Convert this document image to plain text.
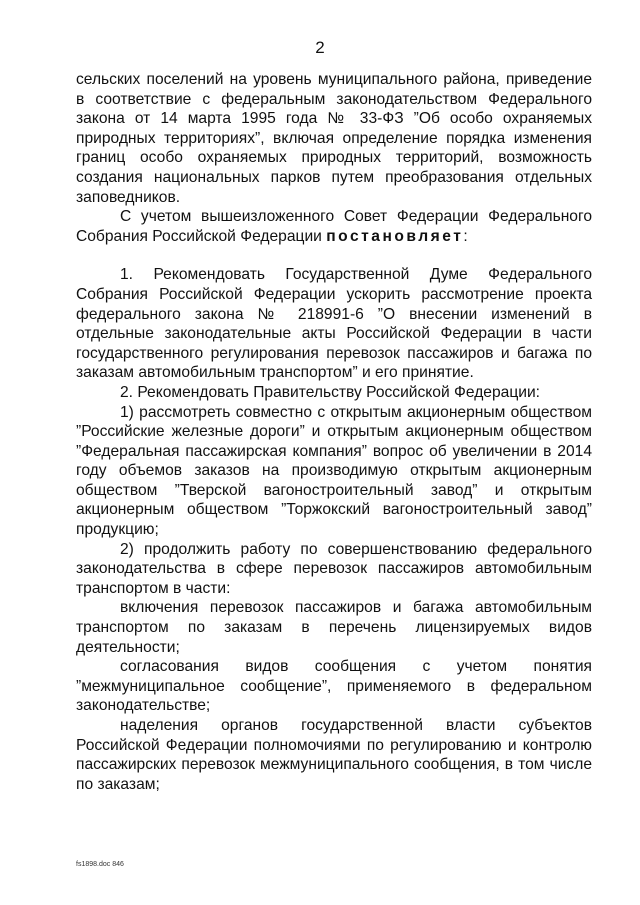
2

сельских поселений на уровень муниципального района, приведение в соответствие с федеральным законодательством Федерального закона от 14 марта 1995 года № 33-ФЗ ”Об особо охраняемых природных территориях”, включая определение порядка изменения границ особо охраняемых природных территорий, возможность создания национальных парков путем преобразования отдельных заповедников.

С учетом вышеизложенного Совет Федерации Федерального Собрания Российской Федерации постановляет:

1. Рекомендовать Государственной Думе Федерального Собрания Российской Федерации ускорить рассмотрение проекта федерального закона № 218991-6 ”О внесении изменений в отдельные законодательные акты Российской Федерации в части государственного регулирования перевозок пассажиров и багажа по заказам автомобильным транспортом” и его принятие.

2. Рекомендовать Правительству Российской Федерации:

1) рассмотреть совместно с открытым акционерным обществом ”Российские железные дороги” и открытым акционерным обществом ”Федеральная пассажирская компания” вопрос об увеличении в 2014 году объемов заказов на производимую открытым акционерным обществом ”Тверской вагоностроительный завод” и открытым акционерным обществом ”Торжокский вагоностроительный завод” продукцию;

2) продолжить работу по совершенствованию федерального законодательства в сфере перевозок пассажиров автомобильным транспортом в части:

включения перевозок пассажиров и багажа автомобильным транспортом по заказам в перечень лицензируемых видов деятельности;

согласования видов сообщения с учетом понятия ”межмуниципальное сообщение”, применяемого в федеральном законодательстве;

наделения органов государственной власти субъектов Российской Федерации полномочиями по регулированию и контролю пассажирских перевозок межмуниципального сообщения, в том числе по заказам;

fs1898.doc 846
